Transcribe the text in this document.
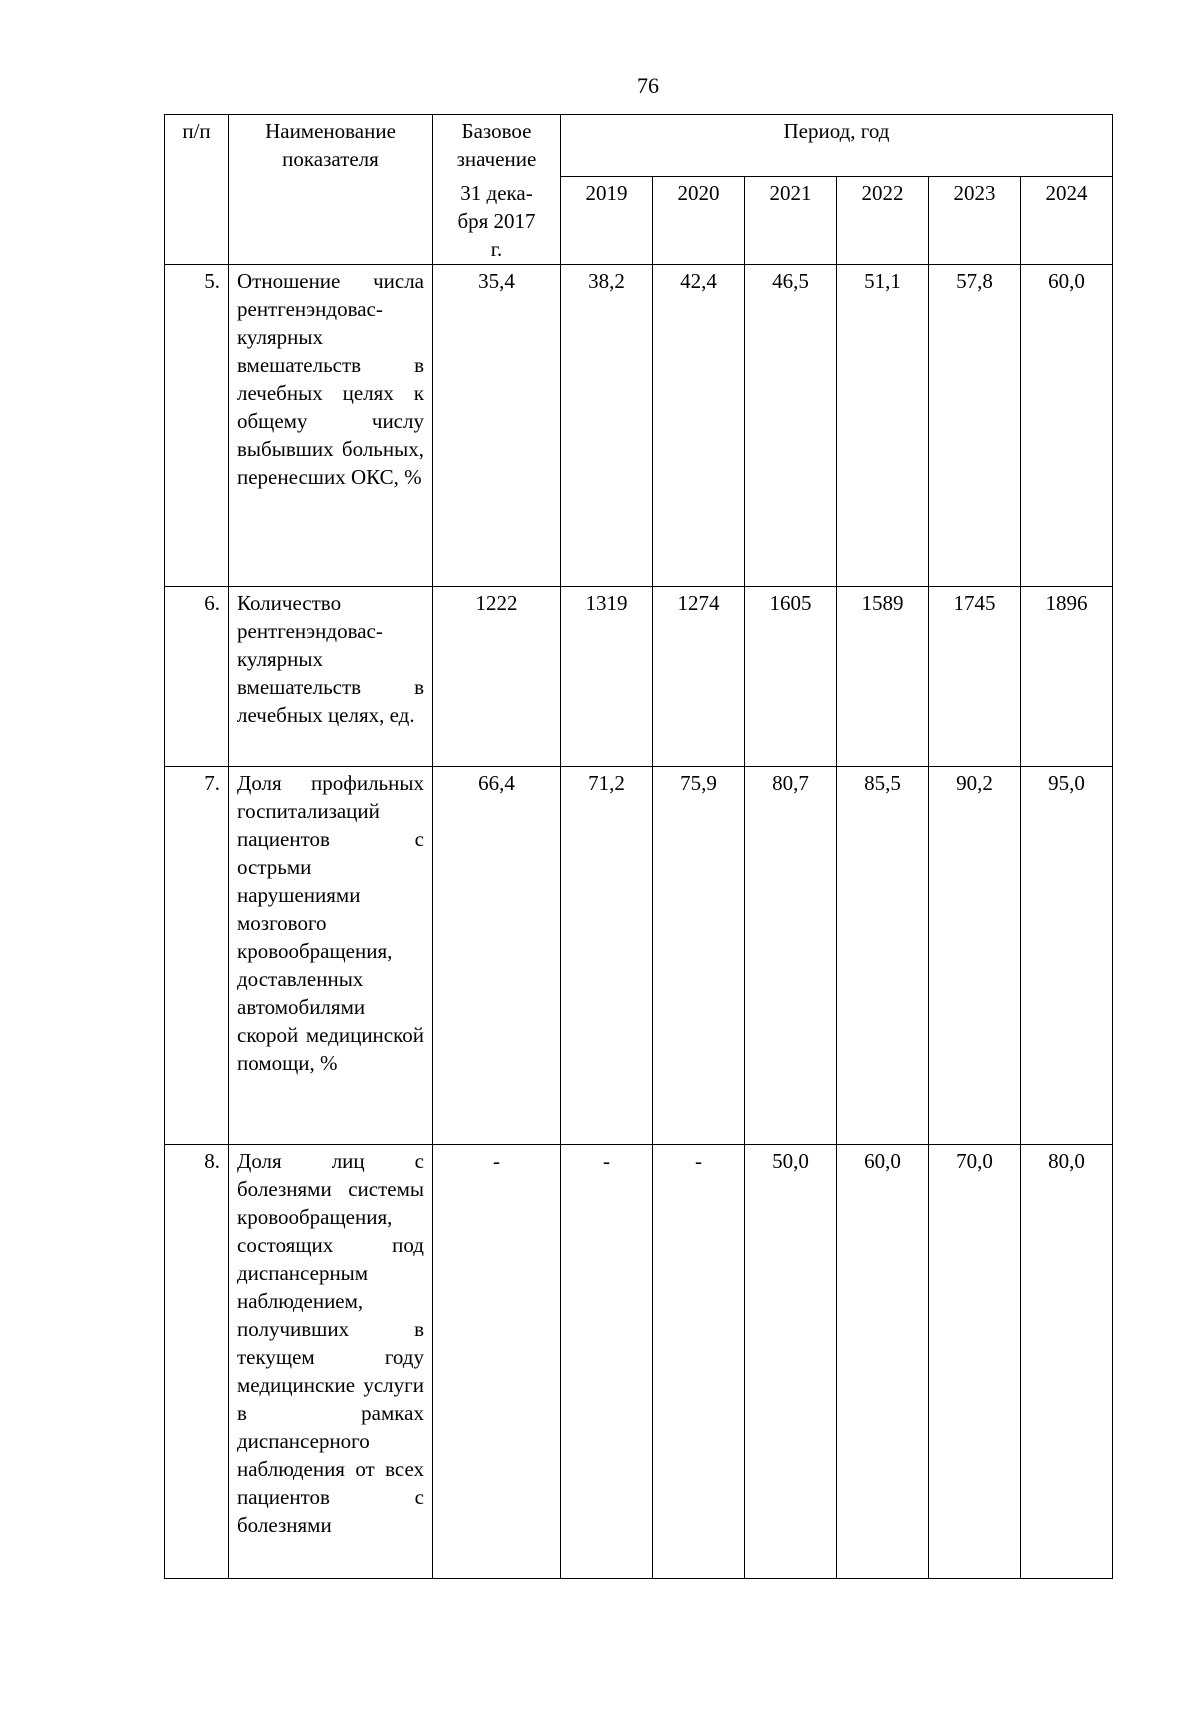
76
п/п	Наименование показателя	Базовое значение	Период, год					
		31 дека- бря 2017 г.	2019	2020	2021	2022	2023	2024
5.	Отношение числа рентгенэндоваc- кулярных вмешательств в лечебных целях к общему числу выбывших больных, перенесших ОКС, %	35,4	38,2	42,4	46,5	51,1	57,8	60,0
6.	Количество рентгенэндоваc- кулярных вмешательств в лечебных целях, ед.	1222	1319	1274	1605	1589	1745	1896
7.	Доля профильных госпитализаций пациентов с острьми нарушениями мозгового кровообращения, доставленных автомобилями скорой медицинской помощи, %	66,4	71,2	75,9	80,7	85,5	90,2	95,0
8.	Доля лиц с болезнями системы кровообращения, состоящих под диспансерным наблюдением, получивших в текущем году медицинские услуги в рамках диспансерного наблюдения от всех пациентов с болезнями	-	-	-	50,0	60,0	70,0	80,0
